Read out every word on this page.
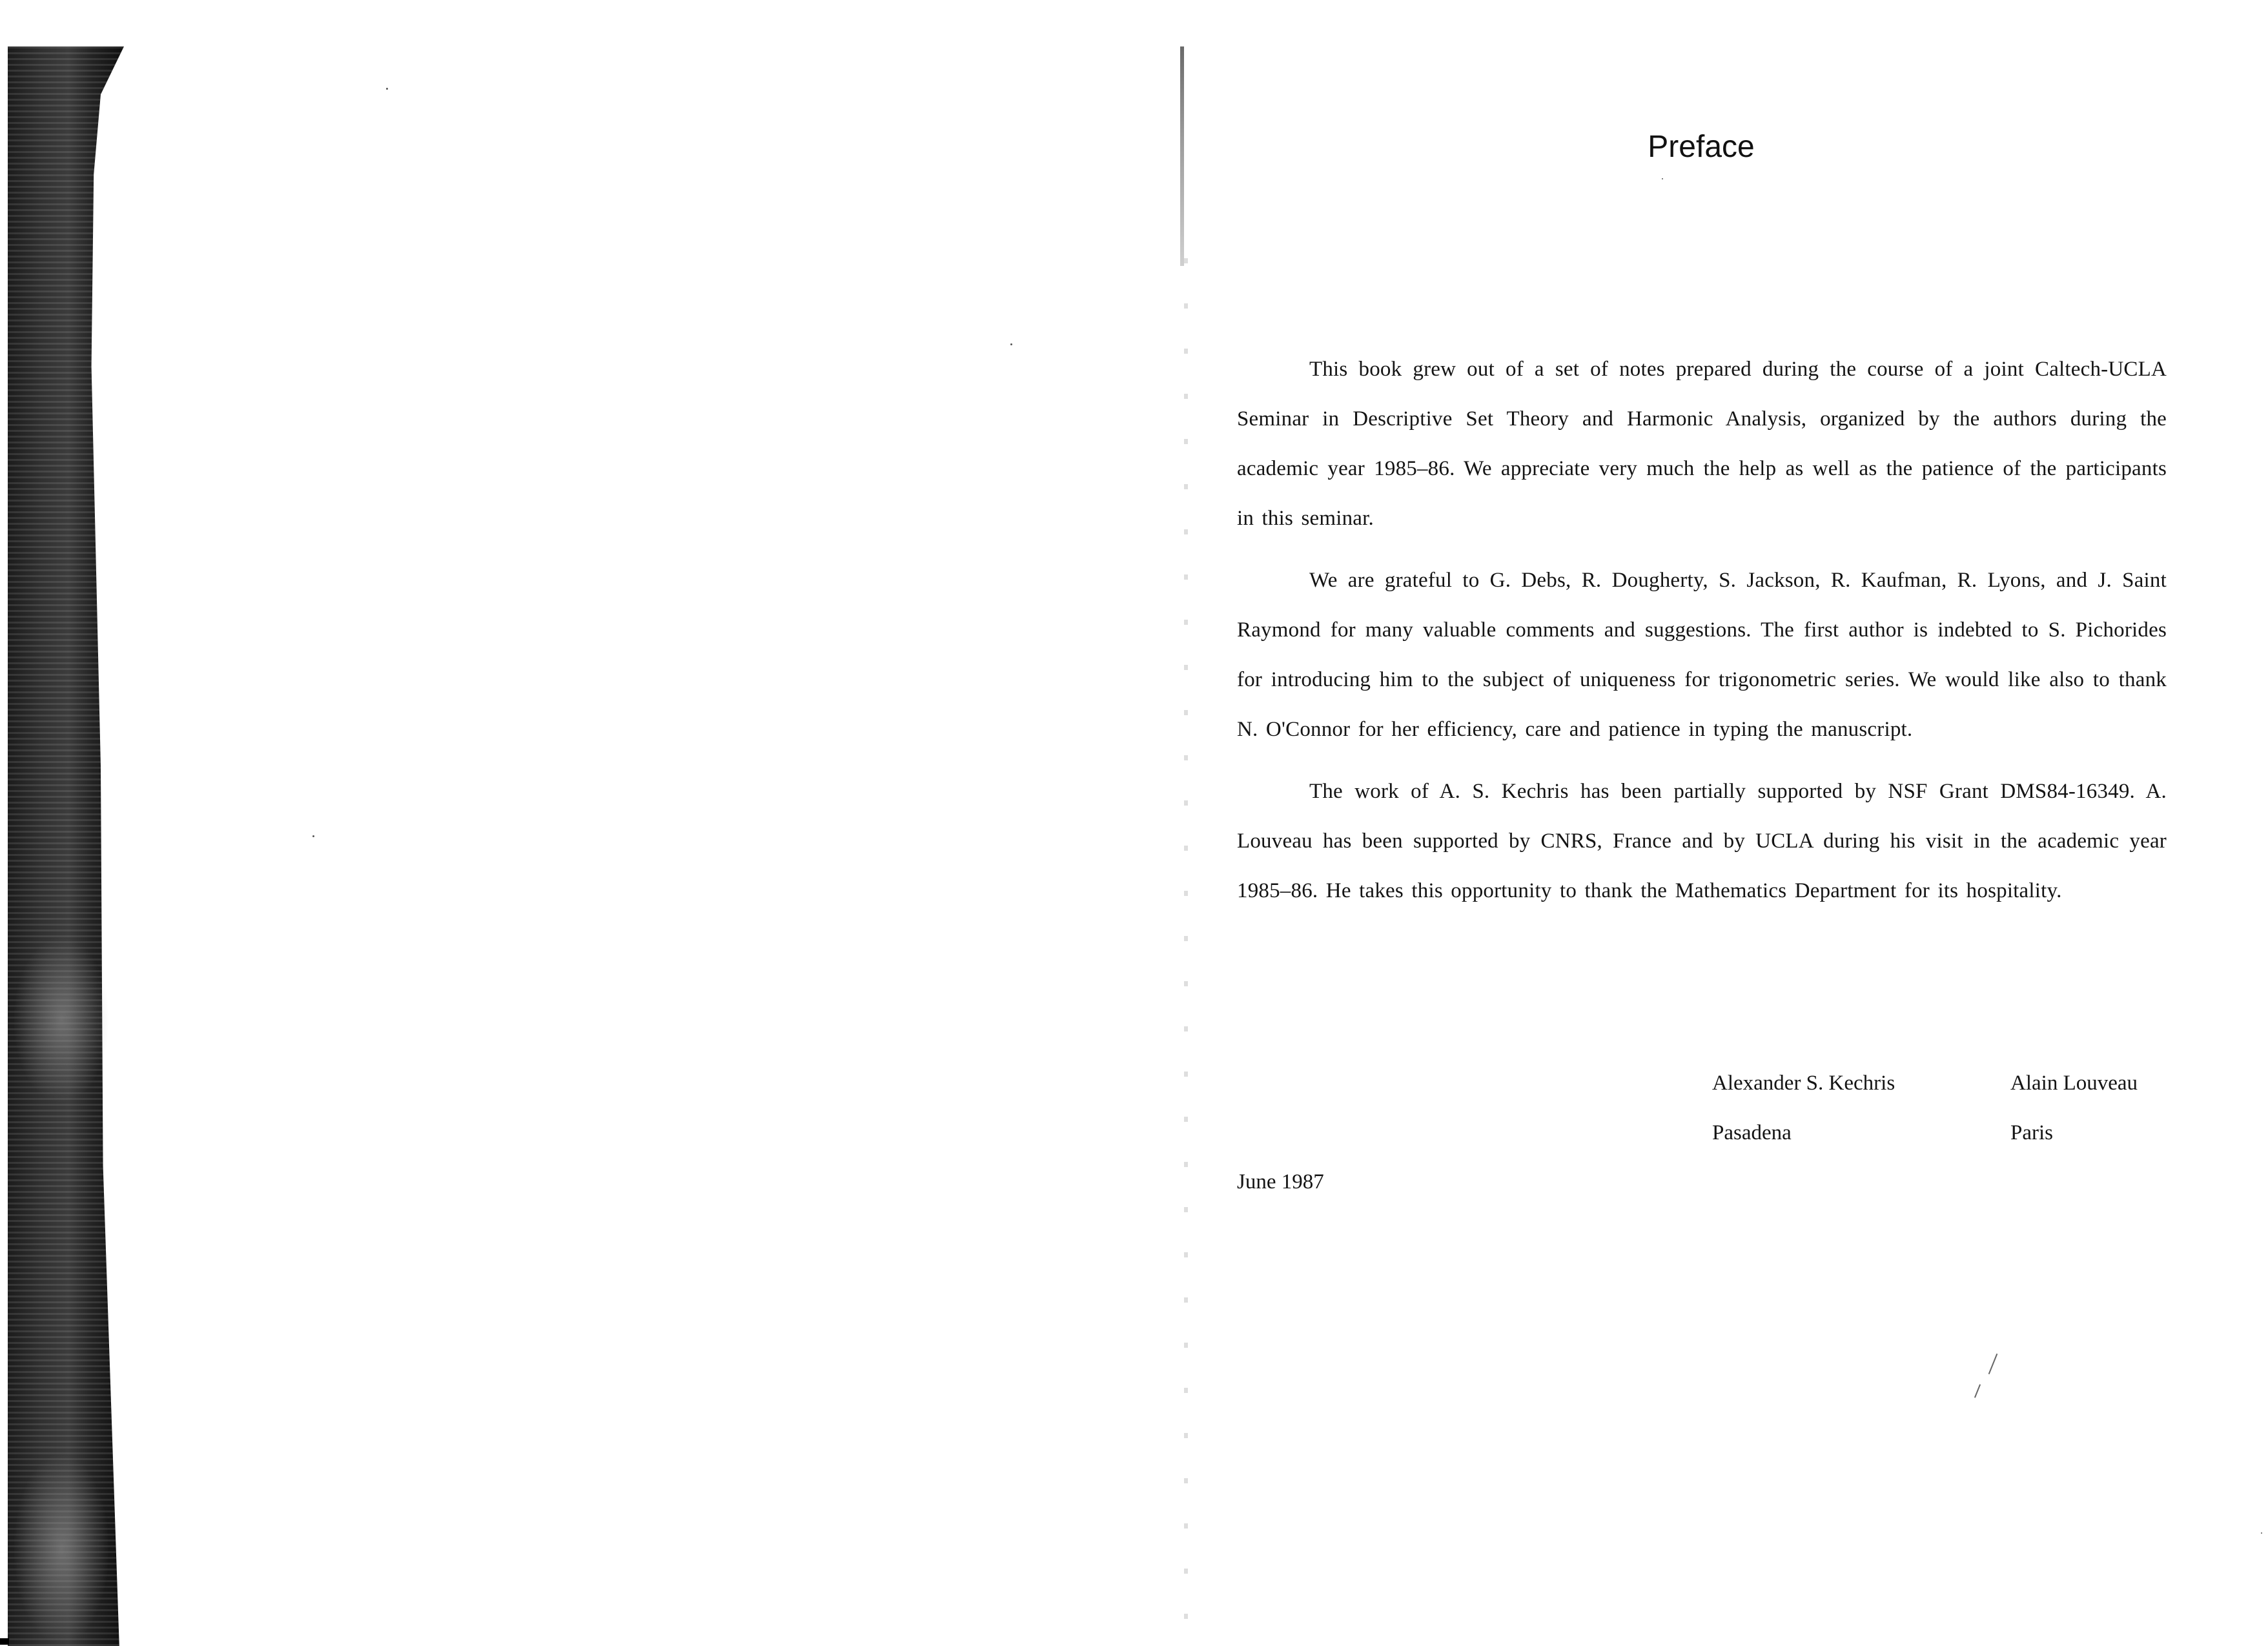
Preface

This book grew out of a set of notes prepared during the course of a joint Caltech-UCLA Seminar in Descriptive Set Theory and Harmonic Analysis, organized by the authors during the academic year 1985–86. We appreciate very much the help as well as the patience of the participants in this seminar.

We are grateful to G. Debs, R. Dougherty, S. Jackson, R. Kaufman, R. Lyons, and J. Saint Raymond for many valuable comments and suggestions. The first author is indebted to S. Pichorides for introducing him to the subject of uniqueness for trigonometric series. We would like also to thank N. O'Connor for her efficiency, care and patience in typing the manuscript.

The work of A. S. Kechris has been partially supported by NSF Grant DMS84-16349. A. Louveau has been supported by CNRS, France and by UCLA during his visit in the academic year 1985–86. He takes this opportunity to thank the Mathematics Department for its hospitality.

Alexander S. Kechris
Pasadena
Alain Louveau
Paris
June 1987
